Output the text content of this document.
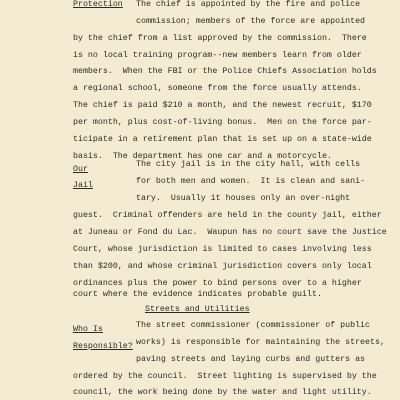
Protection
Our
Jail
Streets and Utilities
Who Is
Responsible?
The chief is appointed by the fire and police
commission; members of the force are appointed
by the chief from a list approved by the commission.  There
is no local training program--new members learn from older
members.  When the FBI or the Police Chiefs Association holds
a regional school, someone from the force usually attends.
The chief is paid $210 a month, and the newest recruit, $170
per month, plus cost-of-living bonus.  Men on the force par-
ticipate in a retirement plan that is set up on a state-wide
basis.  The department has one car and a motorcycle.
The city jail is in the city hall, with cells
for both men and women.  It is clean and sani-
tary.  Usually it houses only an over-night
guest.  Criminal offenders are held in the county jail, either
at Juneau or Fond du Lac.  Waupun has no court save the Justice
Court, whose jurisdiction is limited to cases involving less
than $200, and whose criminal jurisdiction covers only local
ordinances plus the power to bind persons over to a higher
court where the evidence indicates probable guilt.
The street commissioner (commissioner of public
works) is responsible for maintaining the streets,
paving streets and laying curbs and gutters as
ordered by the council.  Street lighting is supervised by the
council, the work being done by the water and light utility.
